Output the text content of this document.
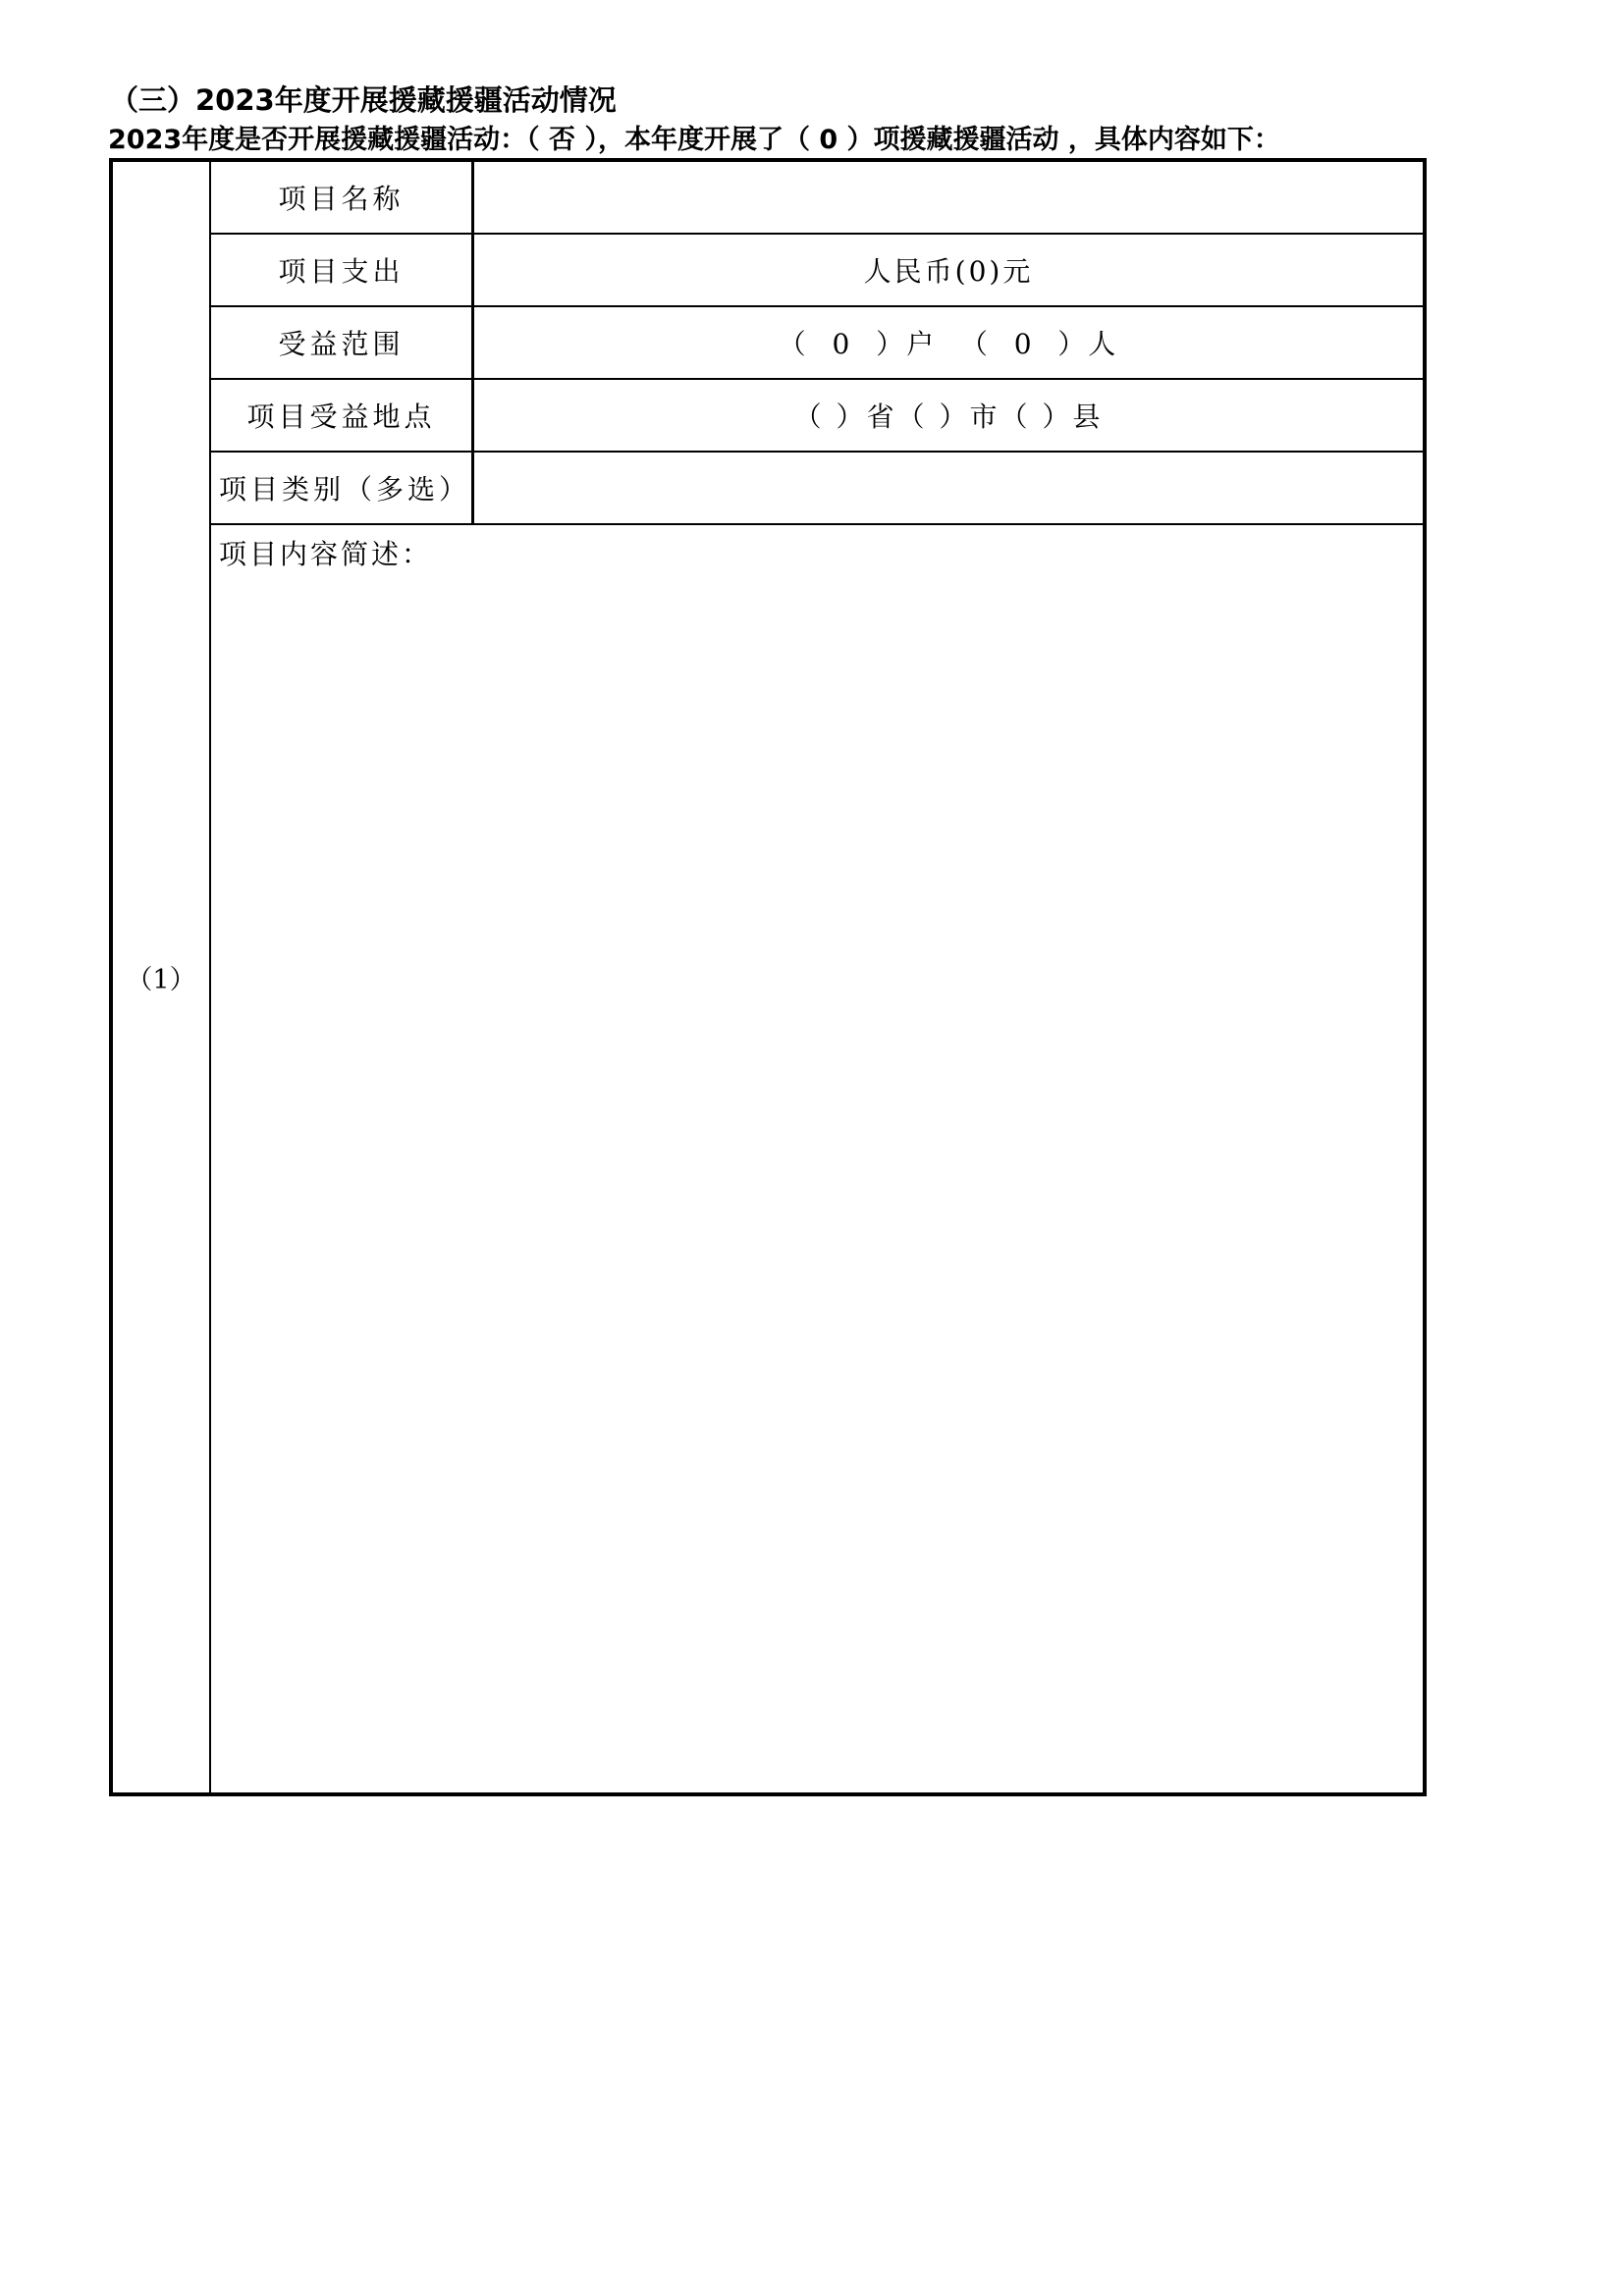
（三）2023年度开展援藏援疆活动情况
2023年度是否开展援藏援疆活动：（ 否 ），本年度开展了（ 0 ）项援藏援疆活动 ，具体内容如下：
（1）
项目名称
项目支出	人民币(0)元
受益范围	（  0  ）户  （  0  ）人
项目受益地点	（ ）省（ ）市（ ）县
项目类别（多选）
项目内容简述：
